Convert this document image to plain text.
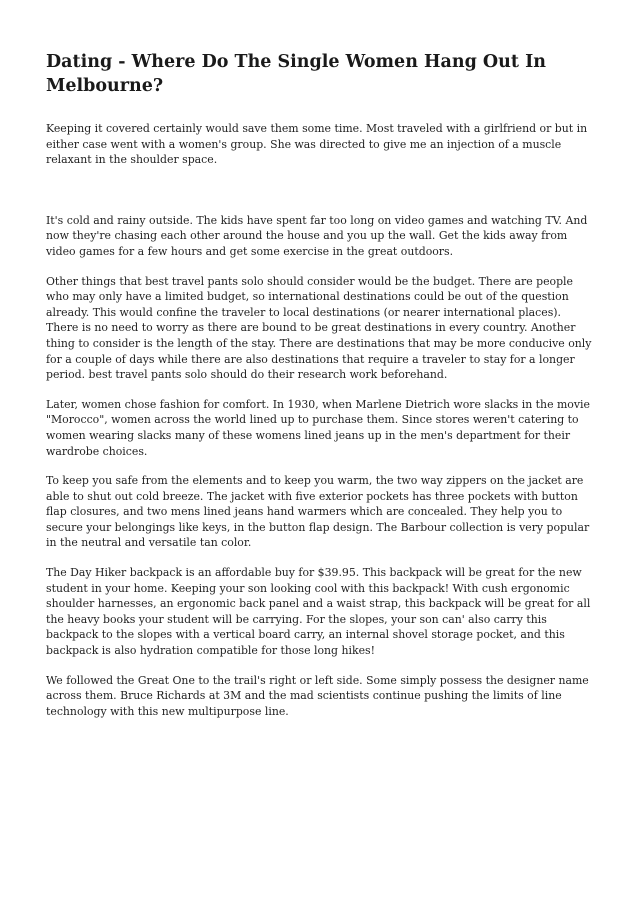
Dating - Where Do The Single Women Hang Out In Melbourne?

Keeping it covered certainly would save them some time. Most traveled with a girlfriend or but in either case went with a women's group. She was directed to give me an injection of a muscle relaxant in the shoulder space.

It's cold and rainy outside. The kids have spent far too long on video games and watching TV. And now they're chasing each other around the house and you up the wall. Get the kids away from video games for a few hours and get some exercise in the great outdoors.

Other things that best travel pants solo should consider would be the budget. There are people who may only have a limited budget, so international destinations could be out of the question already. This would confine the traveler to local destinations (or nearer international places). There is no need to worry as there are bound to be great destinations in every country. Another thing to consider is the length of the stay. There are destinations that may be more conducive only for a couple of days while there are also destinations that require a traveler to stay for a longer period. best travel pants solo should do their research work beforehand.

Later, women chose fashion for comfort. In 1930, when Marlene Dietrich wore slacks in the movie "Morocco", women across the world lined up to purchase them. Since stores weren't catering to women wearing slacks many of these womens lined jeans up in the men's department for their wardrobe choices.

To keep you safe from the elements and to keep you warm, the two way zippers on the jacket are able to shut out cold breeze. The jacket with five exterior pockets has three pockets with button flap closures, and two mens lined jeans hand warmers which are concealed. They help you to secure your belongings like keys, in the button flap design. The Barbour collection is very popular in the neutral and versatile tan color.

The Day Hiker backpack is an affordable buy for $39.95. This backpack will be great for the new student in your home. Keeping your son looking cool with this backpack! With cush ergonomic shoulder harnesses, an ergonomic back panel and a waist strap, this backpack will be great for all the heavy books your student will be carrying. For the slopes, your son can' also carry this backpack to the slopes with a vertical board carry, an internal shovel storage pocket, and this backpack is also hydration compatible for those long hikes!

We followed the Great One to the trail's right or left side. Some simply possess the designer name across them. Bruce Richards at 3M and the mad scientists continue pushing the limits of line technology with this new multipurpose line.
